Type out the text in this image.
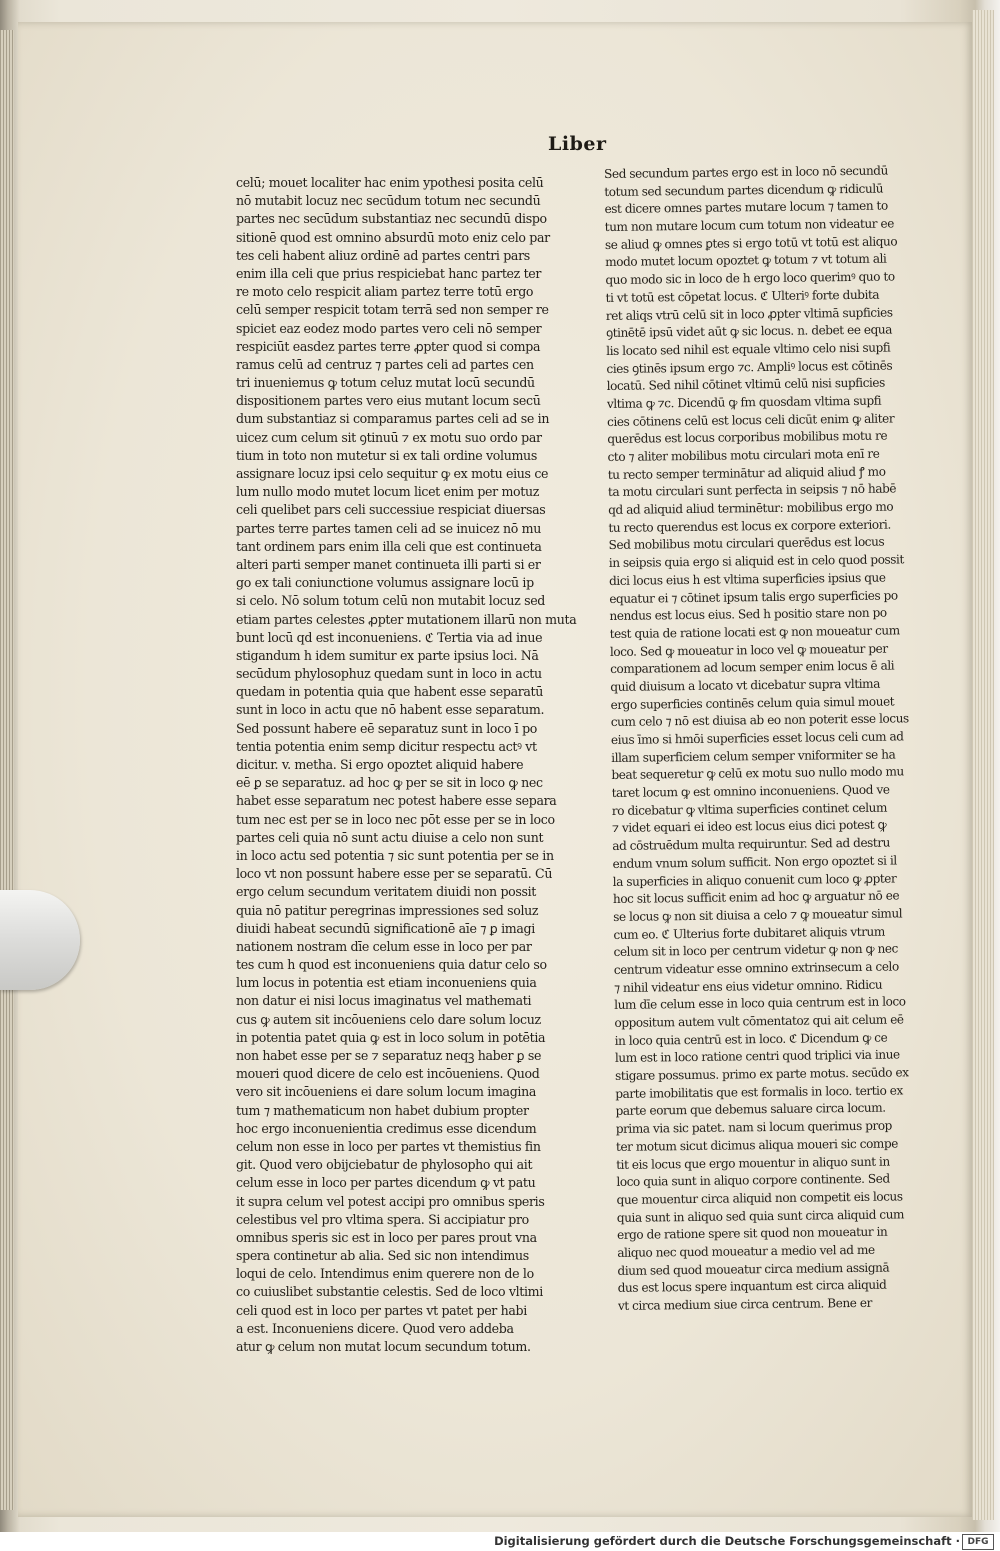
Liber
celū; mouet localiter hac enim ypothesi posita celū
nō mutabit locuz nec secūdum totum nec secundū
partes nec secūdum substantiaz nec secundū dispo
sitionē quod est omnino absurdū moto eniz celo par
tes celi habent aliuz ordinē ad partes centri pars
enim illa celi que prius respiciebat hanc partez ter
re moto celo respicit aliam partez terre totū ergo
celū semper respicit totam terrā sed non semper re
spiciet eaz eodez modo partes vero celi nō semper
respiciūt easdez partes terre ꝓpter quod si compa
ramus celū ad centruz ⁊ partes celi ad partes cen
tri inueniemus ꝙ totum celuz mutat locū secundū
dispositionem partes vero eius mutant locum secū
dum substantiaz si comparamus partes celi ad se in
uicez cum celum sit ꝯtinuū ⁊ ex motu suo ordo par
tium in toto non mutetur si ex tali ordine volumus
assignare locuz ipsi celo sequitur ꝙ ex motu eius ce
lum nullo modo mutet locum licet enim per motuz
celi quelibet pars celi successiue respiciat diuersas
partes terre partes tamen celi ad se inuicez nō mu
tant ordinem pars enim illa celi que est continueta
alteri parti semper manet continueta illi parti si er
go ex tali coniunctione volumus assignare locū ip
si celo. Nō solum totum celū non mutabit locuz sed
etiam partes celestes ꝓpter mutationem illarū non muta
bunt locū qd est inconueniens. ℭ Tertia via ad inue
stigandum h idem sumitur ex parte ipsius loci. Nā
secūdum phylosophuz quedam sunt in loco in actu
quedam in potentia quia que habent esse separatū
sunt in loco in actu que nō habent esse separatum.
Sed possunt habere eē separatuz sunt in loco ī po
tentia potentia enim semp dicitur respectu actꝰ vt
dicitur. v. metha. Si ergo opoztet aliquid habere
eē ꝑ se separatuz. ad hoc ꝙ per se sit in loco ꝙ nec
habet esse separatum nec potest habere esse separa
tum nec est per se in loco nec pōt esse per se in loco
partes celi quia nō sunt actu diuise a celo non sunt
in loco actu sed potentia ⁊ sic sunt potentia per se in
loco vt non possunt habere esse per se separatū. Cū
ergo celum secundum veritatem diuidi non possit
quia nō patitur peregrinas impressiones sed soluz
diuidi habeat secundū significationē aīe ⁊ ꝑ imagi
nationem nostram dīe celum esse in loco per par
tes cum h quod est inconueniens quia datur celo so
lum locus in potentia est etiam inconueniens quia
non datur ei nisi locus imaginatus vel mathemati
cus ꝙ autem sit incōueniens celo dare solum locuz
in potentia patet quia ꝙ est in loco solum in potētia
non habet esse per se ⁊ separatuz neqꝫ haber ꝑ se
moueri quod dicere de celo est incōueniens. Quod
vero sit incōueniens ei dare solum locum imagina
tum ⁊ mathematicum non habet dubium propter
hoc ergo inconuenientia credimus esse dicendum
celum non esse in loco per partes vt themistius fin
git. Quod vero obijciebatur de phylosopho qui ait
celum esse in loco per partes dicendum ꝙ vt patu
it supra celum vel potest accipi pro omnibus speris
celestibus vel pro vltima spera. Si accipiatur pro
omnibus speris sic est in loco per pares prout vna
spera continetur ab alia. Sed sic non intendimus
loqui de celo. Intendimus enim querere non de lo
co cuiuslibet substantie celestis. Sed de loco vltimi
celi quod est in loco per partes vt patet per habi
a est. Inconueniens dicere. Quod vero addeba
atur ꝙ celum non mutat locum secundum totum.
Sed secundum partes ergo est in loco nō secundū
totum sed secundum partes dicendum ꝙ ridiculū
est dicere omnes partes mutare locum ⁊ tamen to
tum non mutare locum cum totum non videatur ee
se aliud ꝙ omnes ꝑtes si ergo totū vt totū est aliquo
modo mutet locum opoztet ꝙ totum ⁊ vt totum ali
quo modo sic in loco de h ergo loco querimꝰ quo to
ti vt totū est cōpetat locus. ℭ Ulteriꝰ forte dubita
ret aliqs vtrū celū sit in loco ꝓpter vltimā supficies
ꝯtinētē ipsū videt aūt ꝙ sic locus. n. debet ee equa
lis locato sed nihil est equale vltimo celo nisi supfi
cies ꝯtinēs ipsum ergo ⁊c. Ampliꝰ locus est cōtinēs
locatū. Sed nihil cōtinet vltimū celū nisi supficies
vltima ꝙ ⁊c. Dicendū ꝙ fm quosdam vltima supfi
cies cōtinens celū est locus celi dicūt enim ꝙ aliter
querēdus est locus corporibus mobilibus motu re
cto ⁊ aliter mobilibus motu circulari mota enī re
tu recto semper terminātur ad aliquid aliud ꝭ mo
ta motu circulari sunt perfecta in seipsis ⁊ nō habē
qd ad aliquid aliud terminētur: mobilibus ergo mo
tu recto querendus est locus ex corpore exteriori.
Sed mobilibus motu circulari querēdus est locus
in seipsis quia ergo si aliquid est in celo quod possit
dici locus eius h est vltima superficies ipsius que
equatur ei ⁊ cōtinet ipsum talis ergo superficies po
nendus est locus eius. Sed h positio stare non po
test quia de ratione locati est ꝙ non moueatur cum
loco. Sed ꝙ moueatur in loco vel ꝙ moueatur per
comparationem ad locum semper enim locus ē ali
quid diuisum a locato vt dicebatur supra vltima
ergo superficies continēs celum quia simul mouet
cum celo ⁊ nō est diuisa ab eo non poterit esse locus
eius īmo si hmōi superficies esset locus celi cum ad
illam superficiem celum semper vniformiter se ha
beat sequeretur ꝙ celū ex motu suo nullo modo mu
taret locum ꝙ est omnino inconueniens. Quod ve
ro dicebatur ꝙ vltima superficies continet celum
⁊ videt equari ei ideo est locus eius dici potest ꝙ
ad cōstruēdum multa requiruntur. Sed ad destru
endum vnum solum sufficit. Non ergo opoztet si il
la superficies in aliquo conuenit cum loco ꝙ ꝓpter
hoc sit locus sufficit enim ad hoc ꝙ arguatur nō ee
se locus ꝙ non sit diuisa a celo ⁊ ꝙ moueatur simul
cum eo. ℭ Ulterius forte dubitaret aliquis vtrum
celum sit in loco per centrum videtur ꝙ non ꝙ nec
centrum videatur esse omnino extrinsecum a celo
⁊ nihil videatur ens eius videtur omnino. Ridicu
lum dīe celum esse in loco quia centrum est in loco
oppositum autem vult cōmentatoz qui ait celum eē
in loco quia centrū est in loco. ℭ Dicendum ꝙ ce
lum est in loco ratione centri quod triplici via inue
stigare possumus. primo ex parte motus. secūdo ex
parte imobilitatis que est formalis in loco. tertio ex
parte eorum que debemus saluare circa locum.
prima via sic patet. nam si locum querimus prop
ter motum sicut dicimus aliqua moueri sic compe
tit eis locus que ergo mouentur in aliquo sunt in
loco quia sunt in aliquo corpore continente. Sed
que mouentur circa aliquid non competit eis locus
quia sunt in aliquo sed quia sunt circa aliquid cum
ergo de ratione spere sit quod non moueatur in
aliquo nec quod moueatur a medio vel ad me
dium sed quod moueatur circa medium assignā
dus est locus spere inquantum est circa aliquid
vt circa medium siue circa centrum. Bene er
Digitalisierung gefördert durch die Deutsche Forschungsgemeinschaft · DFG
